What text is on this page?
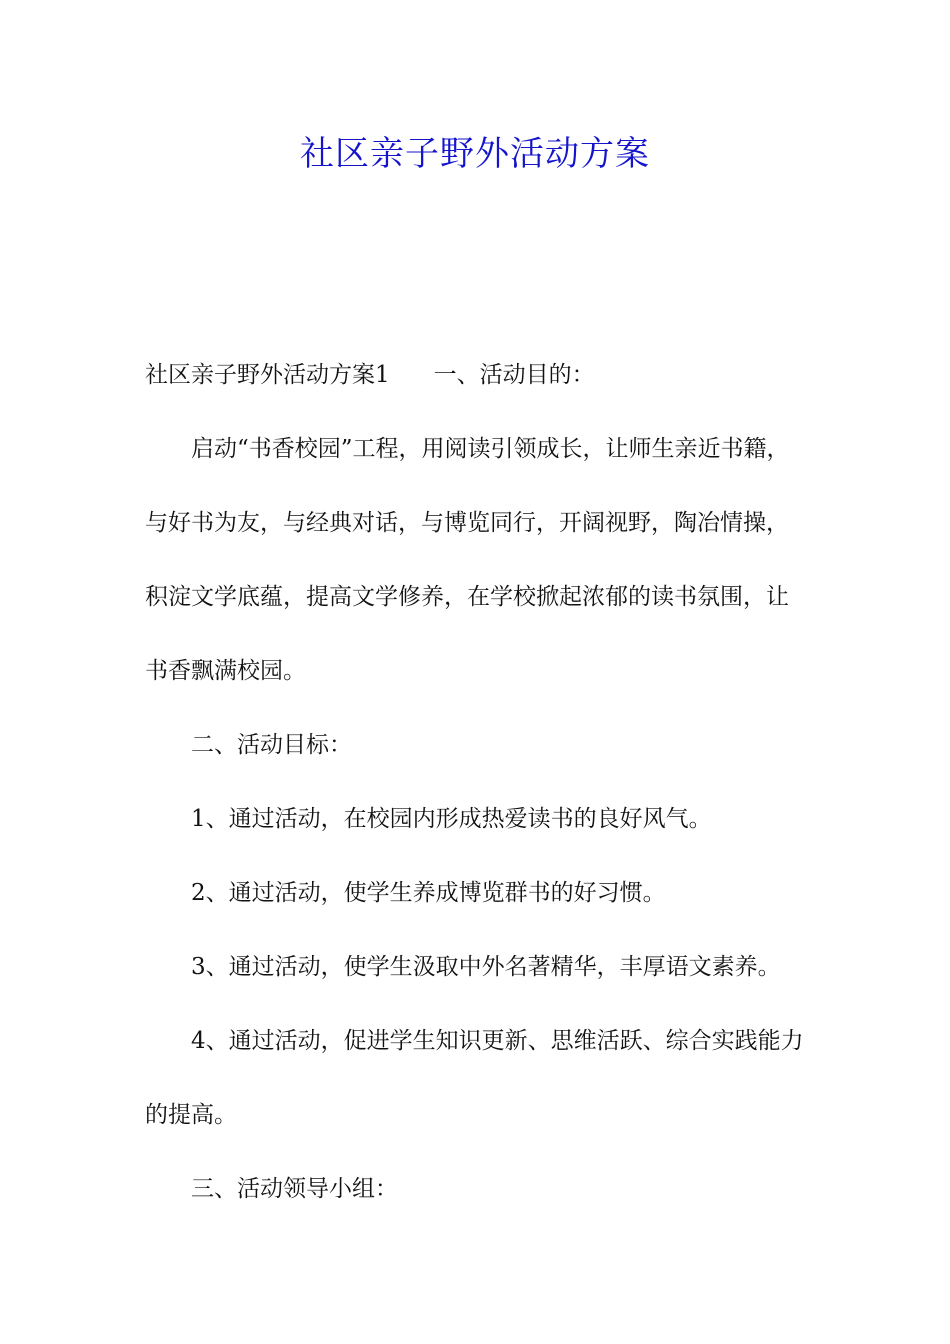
社区亲子野外活动方案

社区亲子野外活动方案1 一、活动目的：

启动“书香校园”工程，用阅读引领成长，让师生亲近书籍，与好书为友，与经典对话，与博览同行，开阔视野，陶冶情操，积淀文学底蕴，提高文学修养，在学校掀起浓郁的读书氛围，让书香飘满校园。

二、活动目标：

1、通过活动，在校园内形成热爱读书的良好风气。

2、通过活动，使学生养成博览群书的好习惯。

3、通过活动，使学生汲取中外名著精华，丰厚语文素养。

4、通过活动，促进学生知识更新、思维活跃、综合实践能力的提高。

三、活动领导小组：
